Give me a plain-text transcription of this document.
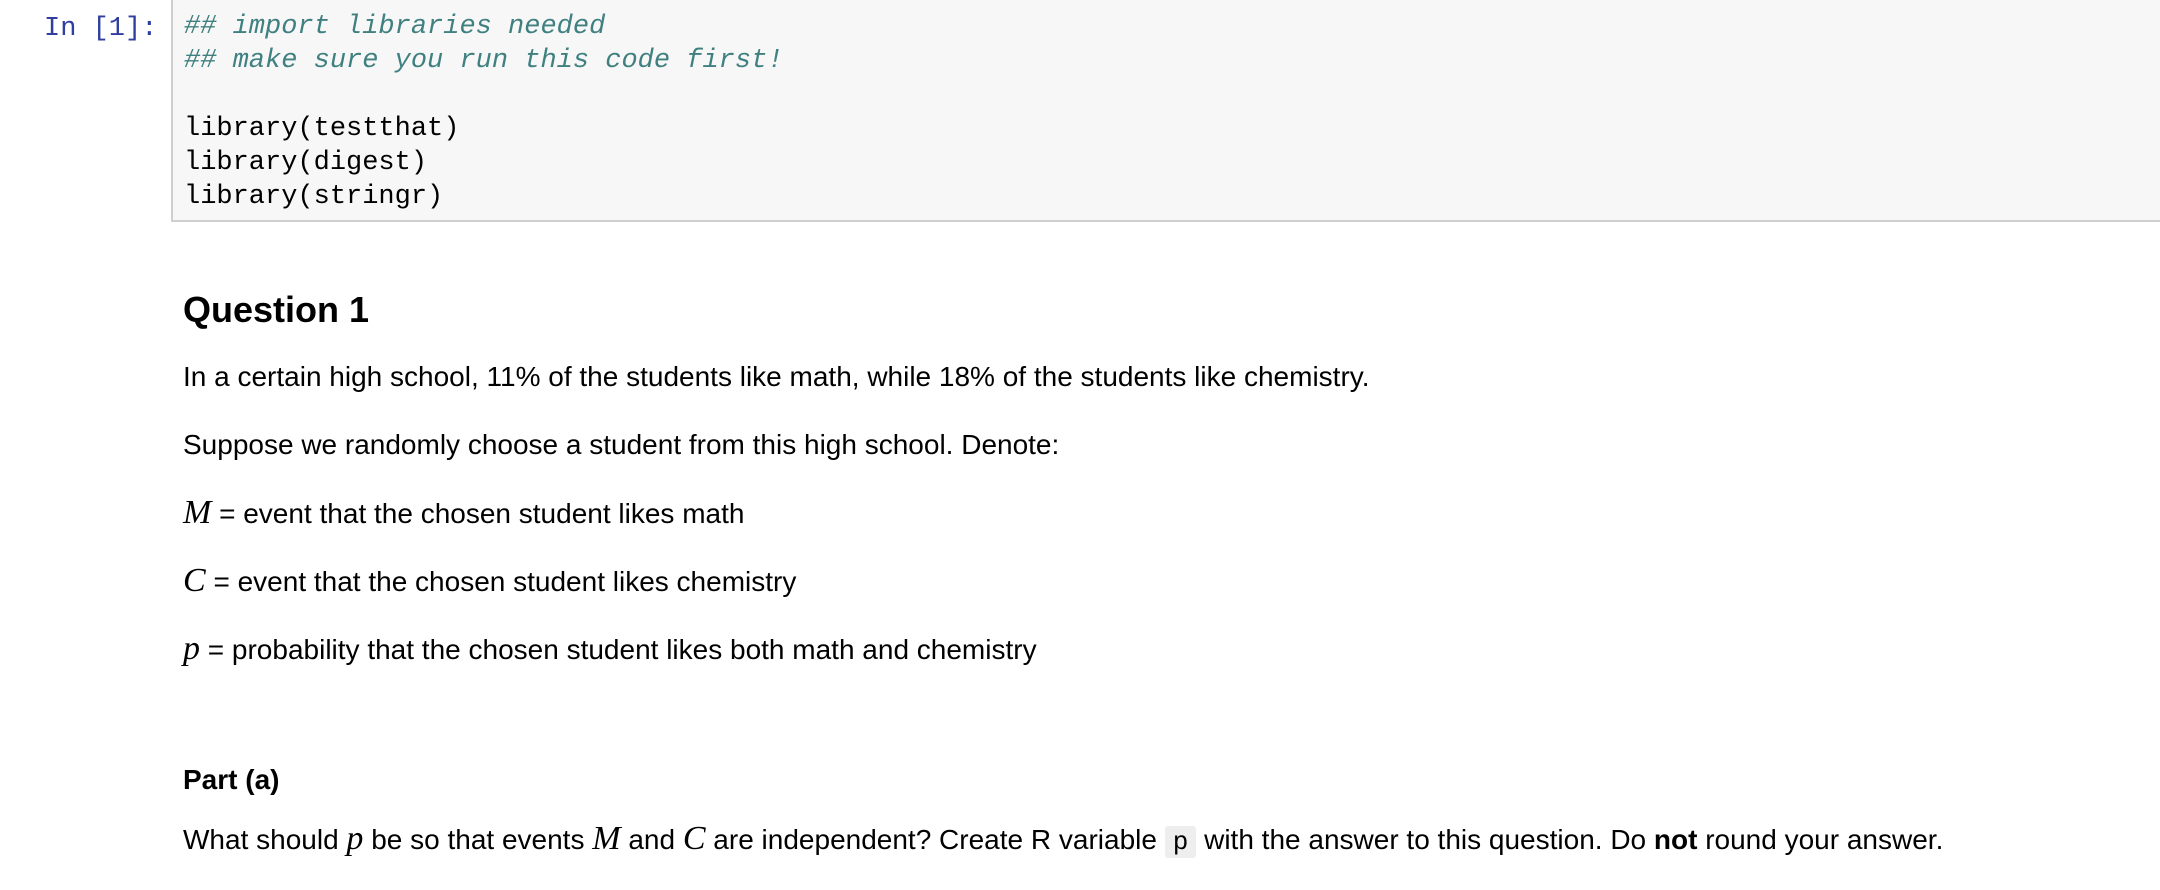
In [1]: ## import libraries needed
## make sure you run this code first!
library(testthat)
library(digest)
library(stringr)
Question 1
In a certain high school, 11% of the students like math, while 18% of the students like chemistry.
Suppose we randomly choose a student from this high school. Denote:
M = event that the chosen student likes math
C = event that the chosen student likes chemistry
p = probability that the chosen student likes both math and chemistry
Part (a)
What should p be so that events M and C are independent? Create R variable p with the answer to this question. Do not round your answer.
